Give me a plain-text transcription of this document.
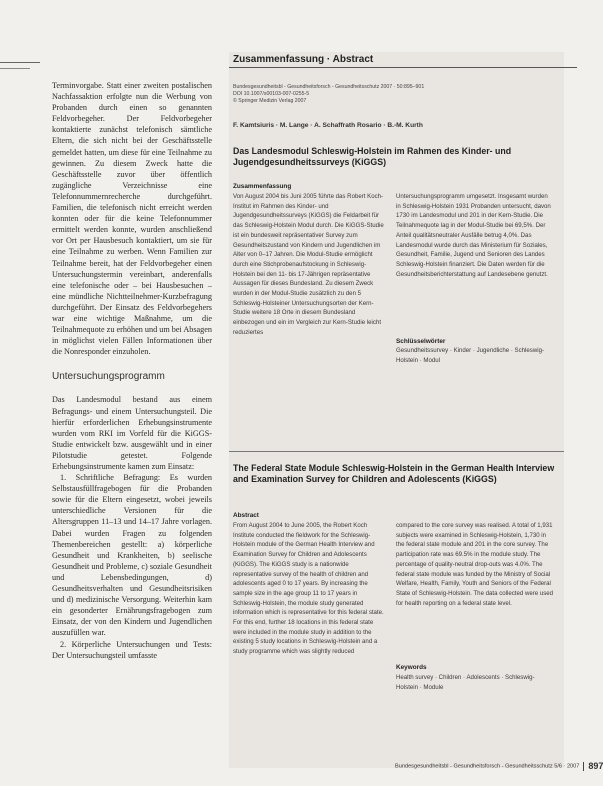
Terminvorgabe. Statt einer zweiten postalischen Nachfassaktion erfolgte nun die Werbung von Probanden durch einen so genannten Feldvorbegeher. Der Feldvorbegeher kontaktierte zunächst telefonisch sämtliche Eltern, die sich nicht bei der Geschäftsstelle gemeldet hatten, um diese für eine Teilnahme zu gewinnen. Zu diesem Zweck hatte die Geschäftsstelle zuvor über öffentlich zugängliche Verzeichnisse eine Telefonnummernrecherche durchgeführt. Familien, die telefonisch nicht erreicht werden konnten oder für die keine Telefonnummer ermittelt werden konnte, wurden anschließend vor Ort per Hausbesuch kontaktiert, um sie für eine Teilnahme zu werben. Wenn Familien zur Teilnahme bereit, hat der Feldvorbegeher einen Untersuchungstermin vereinbart, anderenfalls eine telefonische oder – bei Hausbesuchen – eine mündliche Nichtteilnehmer-Kurzbefragung durchgeführt. Der Einsatz des Feldvorbegehers war eine wichtige Maßnahme, um die Teilnahmequote zu erhöhen und um bei Absagen in möglichst vielen Fällen Informationen über die Nonresponder einzuholen.

Untersuchungsprogramm

Das Landesmodul bestand aus einem Befragungs- und einem Untersuchungsteil. Die hierfür erforderlichen Erhebungsinstrumente wurden vom RKI im Vorfeld für die KiGGS-Studie entwickelt bzw. ausgewählt und in einer Pilotstudie getestet. Folgende Erhebungsinstrumente kamen zum Einsatz:

1. Schriftliche Befragung: Es wurden Selbstausfüllfragebogen für die Probanden sowie für die Eltern eingesetzt, wobei jeweils unterschiedliche Versionen für die Altersgruppen 11–13 und 14–17 Jahre vorlagen. Dabei wurden Fragen zu folgenden Themenbereichen gestellt: a) körperliche Gesundheit und Krankheiten, b) seelische Gesundheit und Probleme, c) soziale Gesundheit und Lebensbedingungen, d) Gesundheitsverhalten und Gesundheitsrisiken und d) medizinische Versorgung. Weiterhin kam ein gesonderter Ernährungsfragebogen zum Einsatz, der von den Kindern und Jugendlichen auszufüllen war.

2. Körperliche Untersuchungen und Tests: Der Untersuchungsteil umfasste

Zusammenfassung · Abstract
Bundesgesundheitsbl - Gesundheitsforsch - Gesundheitsschutz 2007 · 50:895–901
DOI 10.1007/s00103-007-0255-5
© Springer Medizin Verlag 2007
F. Kamtsiuris · M. Lange · A. Schaffrath Rosario · B.-M. Kurth
Das Landesmodul Schleswig-Holstein im Rahmen des Kinder- und Jugendgesundheitssurveys (KiGGS)
Zusammenfassung
Von August 2004 bis Juni 2005 führte das Robert Koch-Institut im Rahmen des Kinder- und Jugendgesundheitssurveys (KiGGS) die Feldarbeit für das Schleswig-Holstein Modul durch. Die KiGGS-Studie ist ein bundesweit repräsentativer Survey zum Gesundheitszustand von Kindern und Jugendlichen im Alter von 0–17 Jahren. Die Modul-Studie ermöglicht durch eine Stichprobenaufstockung in Schleswig-Holstein bei den 11- bis 17-Jährigen repräsentative Aussagen für dieses Bundesland. Zu diesem Zweck wurden in der Modul-Studie zusätzlich zu den 5 Schleswig-Holsteiner Untersuchungsorten der Kern-Studie weitere 18 Orte in diesem Bundesland einbezogen und ein im Vergleich zur Kern-Studie leicht reduziertes
Untersuchungsprogramm umgesetzt. Insgesamt wurden in Schleswig-Holstein 1931 Probanden untersucht, davon 1730 im Landesmodul und 201 in der Kern-Studie. Die Teilnahmequote lag in der Modul-Studie bei 69,5%. Der Anteil qualitätsneutraler Ausfälle betrug 4,0%. Das Landesmodul wurde durch das Ministerium für Soziales, Gesundheit, Familie, Jugend und Senioren des Landes Schleswig-Holstein finanziert. Die Daten werden für die Gesundheitsberichterstattung auf Landesebene genutzt.
Schlüsselwörter
Gesundheitssurvey · Kinder · Jugendliche · Schleswig-Holstein · Modul
The Federal State Module Schleswig-Holstein in the German Health Interview and Examination Survey for Children and Adolescents (KiGGS)
Abstract
From August 2004 to June 2005, the Robert Koch Institute conducted the fieldwork for the Schleswig-Holstein module of the German Health Interview and Examination Survey for Children and Adolescents (KiGGS). The KiGGS study is a nationwide representative survey of the health of children and adolescents aged 0 to 17 years. By increasing the sample size in the age group 11 to 17 years in Schleswig-Holstein, the module study generated information which is representative for this federal state. For this end, further 18 locations in this federal state were included in the module study in addition to the existing 5 study locations in Schleswig-Holstein and a study programme which was slightly reduced
compared to the core survey was realised. A total of 1,931 subjects were examined in Schleswig-Holstein, 1,730 in the federal state module and 201 in the core survey. The participation rate was 69.5% in the module study. The percentage of quality-neutral drop-outs was 4.0%. The federal state module was funded by the Ministry of Social Welfare, Health, Family, Youth and Seniors of the Federal State of Schleswig-Holstein. The data collected were used for health reporting on a federal state level.
Keywords
Health survey · Children · Adolescents · Schleswig-Holstein · Module
Bundesgesundheitsbl - Gesundheitsforsch - Gesundheitsschutz 5/6 · 2007 897
